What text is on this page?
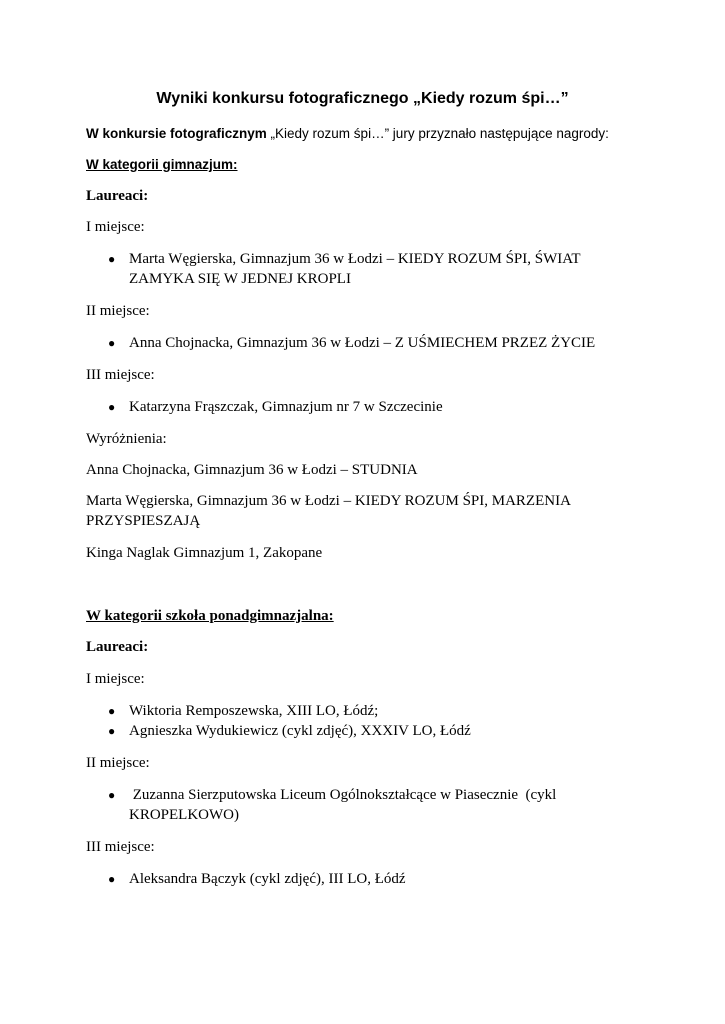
Wyniki konkursu fotograficznego „Kiedy rozum śpi…”
W konkursie fotograficznym „Kiedy rozum śpi…” jury przyznało następujące nagrody:
W kategorii gimnazjum:
Laureaci:
I miejsce:
● Marta Węgierska, Gimnazjum 36 w Łodzi – KIEDY ROZUM ŚPI, ŚWIAT
ZAMYKA SIĘ W JEDNEJ KROPLI
II miejsce:
● Anna Chojnacka, Gimnazjum 36 w Łodzi – Z UŚMIECHEM PRZEZ ŻYCIE
III miejsce:
● Katarzyna Frąszczak, Gimnazjum nr 7 w Szczecinie
Wyróżnienia:
Anna Chojnacka, Gimnazjum 36 w Łodzi – STUDNIA
Marta Węgierska, Gimnazjum 36 w Łodzi – KIEDY ROZUM ŚPI, MARZENIA
PRZYSPIESZAJĄ
Kinga Naglak Gimnazjum 1, Zakopane
W kategorii szkoła ponadgimnazjalna:
Laureaci:
I miejsce:
● Wiktoria Remposzewska, XIII LO, Łódź;
● Agnieszka Wydukiewicz (cykl zdjęć), XXXIV LO, Łódź
II miejsce:
● Zuzanna Sierzputowska Liceum Ogólnokształcące w Piasecznie  (cykl
KROPELKOWO)
III miejsce:
● Aleksandra Bączyk (cykl zdjęć), III LO, Łódź
